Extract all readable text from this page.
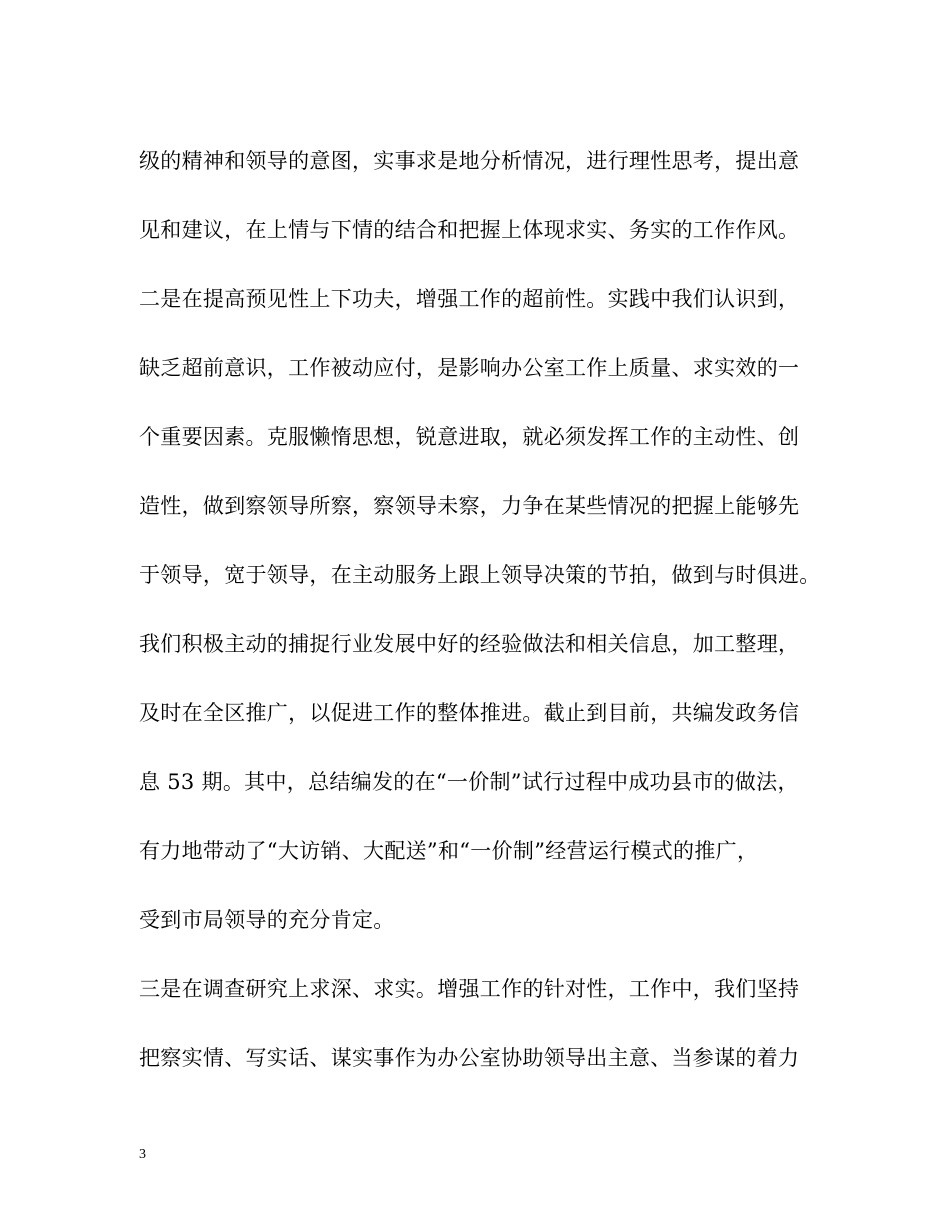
级的精神和领导的意图，实事求是地分析情况，进行理性思考，提出意
见和建议，在上情与下情的结合和把握上体现求实、务实的工作作风。
二是在提高预见性上下功夫，增强工作的超前性。实践中我们认识到，
缺乏超前意识，工作被动应付，是影响办公室工作上质量、求实效的一
个重要因素。克服懒惰思想，锐意进取，就必须发挥工作的主动性、创
造性，做到察领导所察，察领导未察，力争在某些情况的把握上能够先
于领导，宽于领导，在主动服务上跟上领导决策的节拍，做到与时俱进。
我们积极主动的捕捉行业发展中好的经验做法和相关信息，加工整理，
及时在全区推广，以促进工作的整体推进。截止到目前，共编发政务信
息 53 期。其中，总结编发的在“一价制”试行过程中成功县市的做法，
有力地带动了“大访销、大配送”和“一价制”经营运行模式的推广，
受到市局领导的充分肯定。
三是在调查研究上求深、求实。增强工作的针对性，工作中，我们坚持
把察实情、写实话、谋实事作为办公室协助领导出主意、当参谋的着力
3
